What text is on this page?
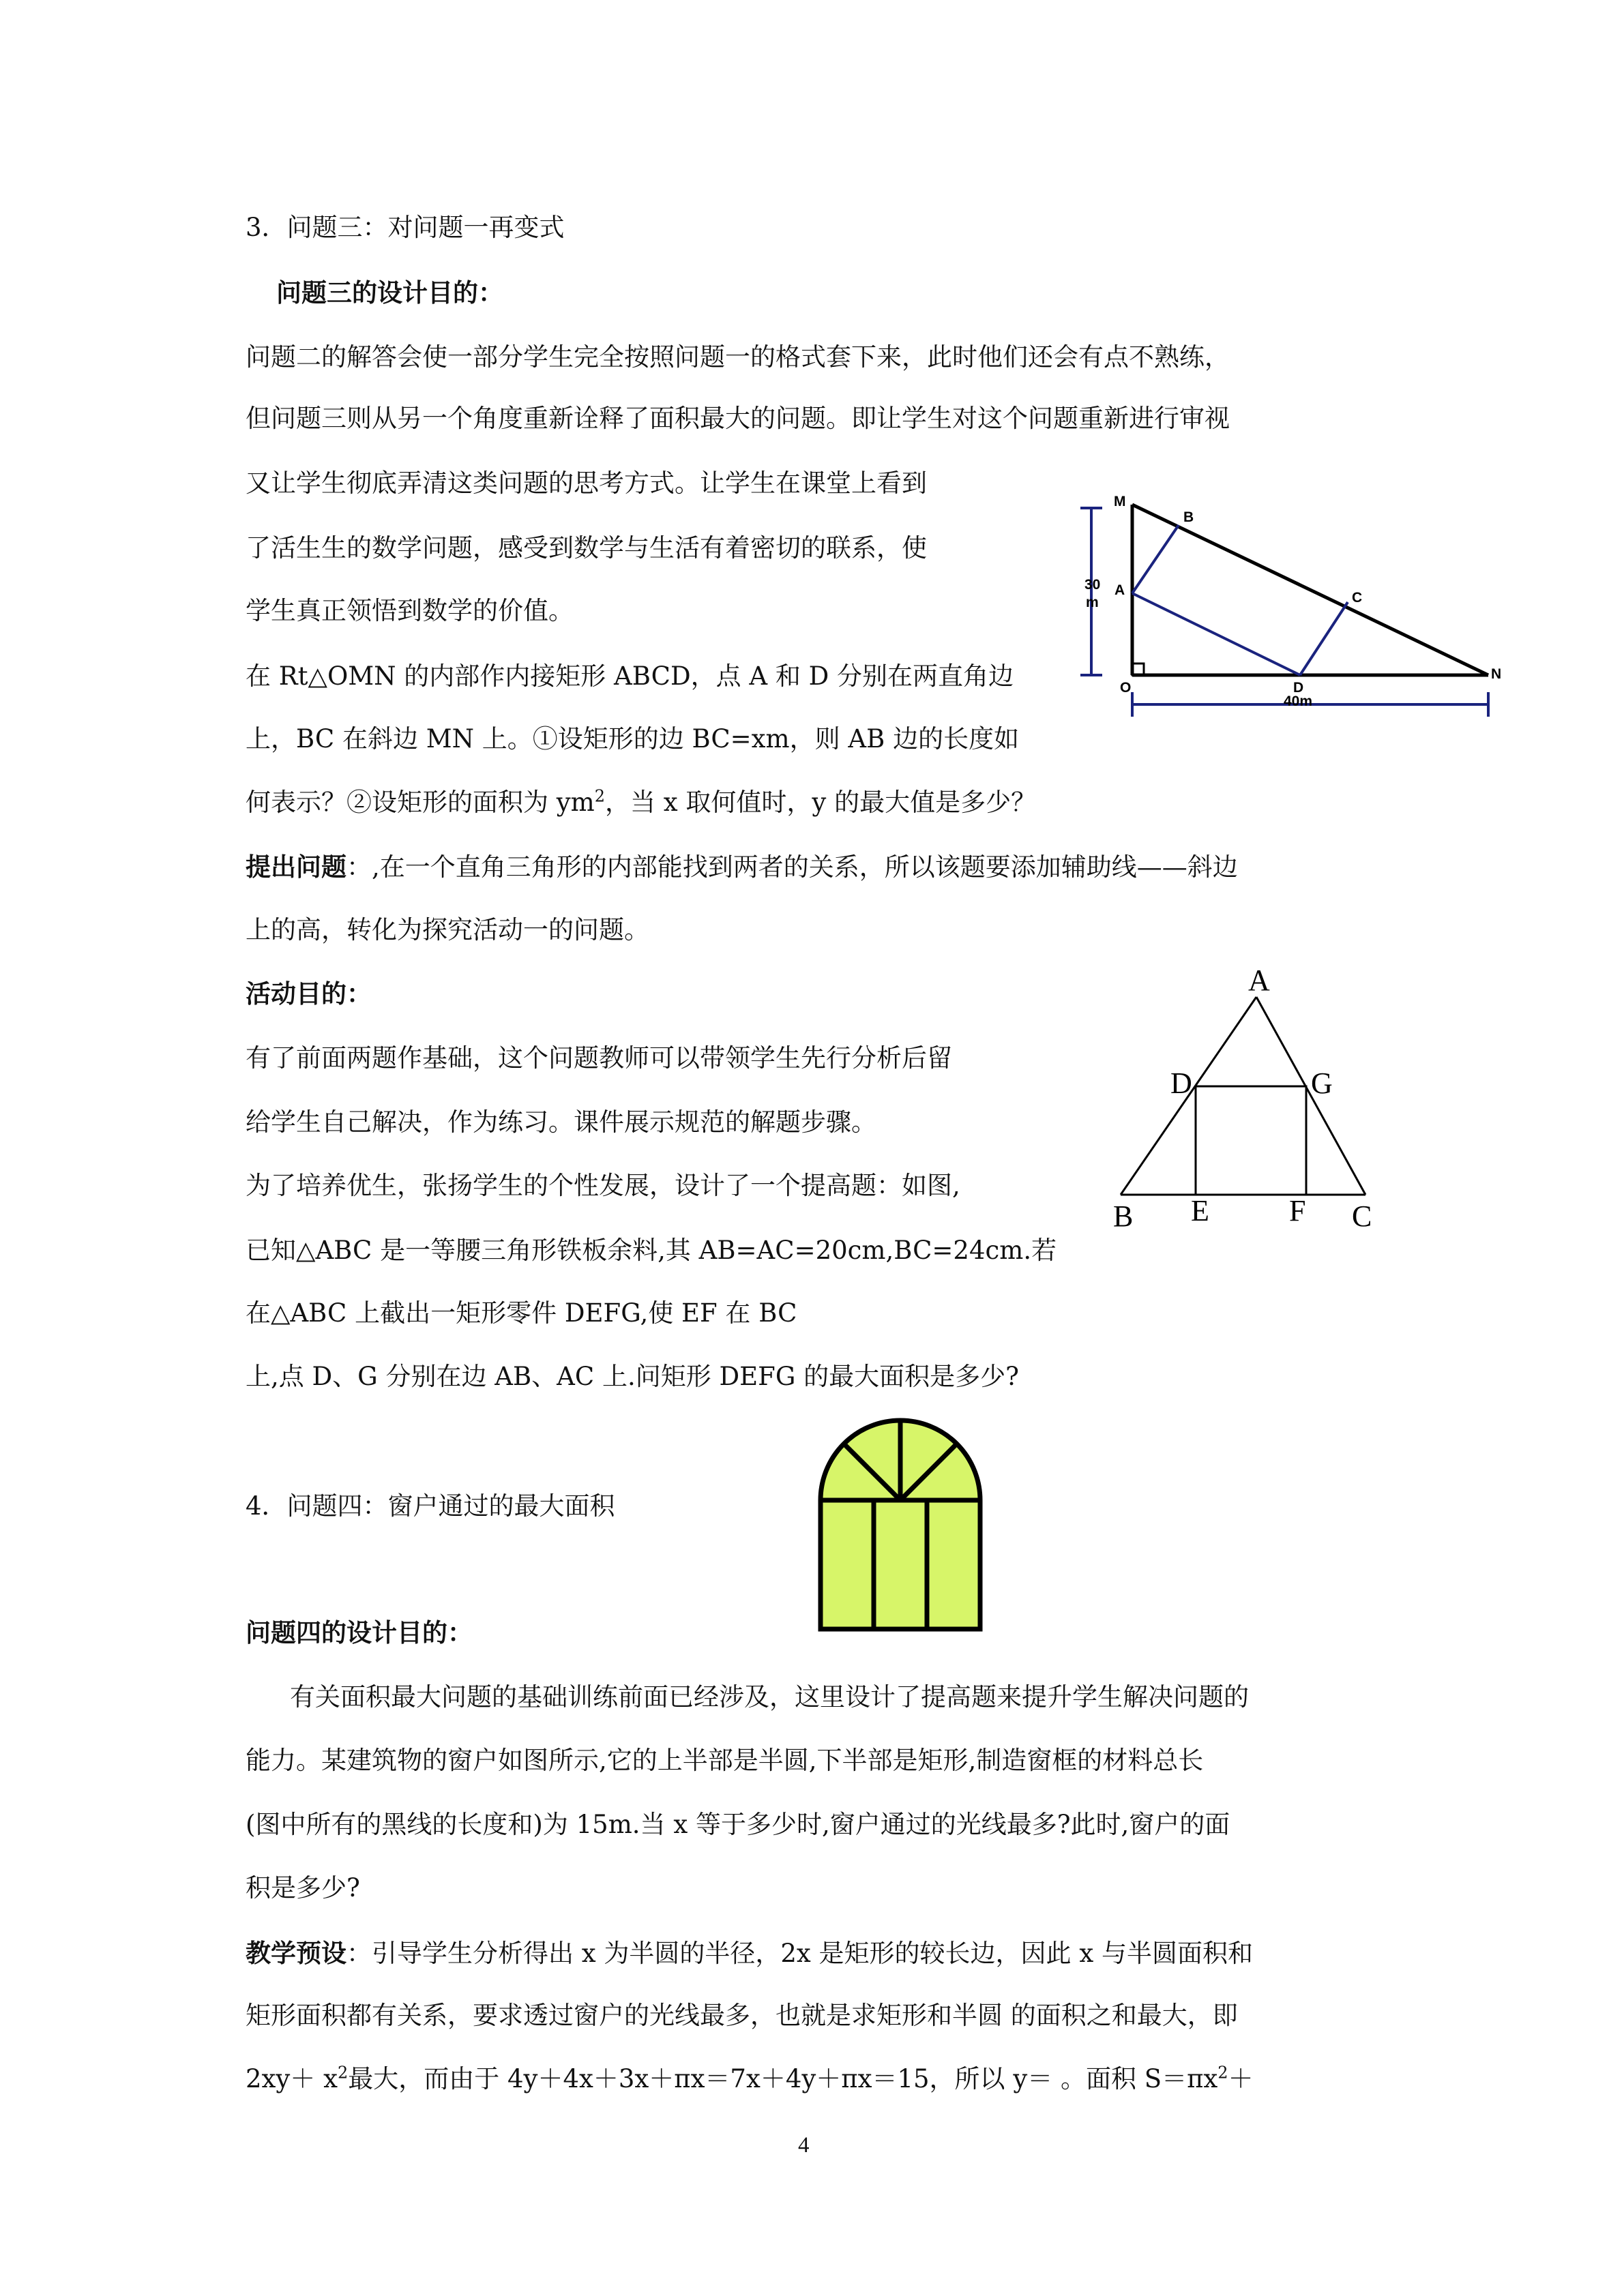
3．问题三：对问题一再变式
问题三的设计目的：
问题二的解答会使一部分学生完全按照问题一的格式套下来，此时他们还会有点不熟练，
但问题三则从另一个角度重新诠释了面积最大的问题。即让学生对这个问题重新进行审视
又让学生彻底弄清这类问题的思考方式。让学生在课堂上看到
了活生生的数学问题，感受到数学与生活有着密切的联系，使
学生真正领悟到数学的价值。
在 Rt△OMN 的内部作内接矩形 ABCD，点 A 和 D 分别在两直角边
上，BC 在斜边 MN 上。①设矩形的边 BC=xm，则 AB 边的长度如
何表示？②设矩形的面积为 $ym^2$，当 x 取何值时，y 的最大值是多少？
提出问题：,在一个直角三角形的内部能找到两者的关系，所以该题要添加辅助线——斜边
上的高，转化为探究活动一的问题。
活动目的：
有了前面两题作基础，这个问题教师可以带领学生先行分析后留
给学生自己解决，作为练习。课件展示规范的解题步骤。
为了培养优生，张扬学生的个性发展，设计了一个提高题：如图,
已知△ABC 是一等腰三角形铁板余料,其 AB=AC=20cm,BC=24cm.若
在△ABC 上截出一矩形零件 DEFG,使 EF 在 BC
上,点 D、G 分别在边 AB、AC 上.问矩形 DEFG 的最大面积是多少?
M
B
A	C
O	D
N
30
m
40m
A
D	G
B E	F C
4．问题四：窗户通过的最大面积
问题四的设计目的：
有关面积最大问题的基础训练前面已经涉及，这里设计了提高题来提升学生解决问题的
能力。某建筑物的窗户如图所示,它的上半部是半圆,下半部是矩形,制造窗框的材料总长
(图中所有的黑线的长度和)为 15m.当 x 等于多少时,窗户通过的光线最多?此时,窗户的面
积是多少?
教学预设：引导学生分析得出 x 为半圆的半径，2x 是矩形的较长边，因此 x 与半圆面积和
矩形面积都有关系，要求透过窗户的光线最多，也就是求矩形和半圆 的面积之和最大，即
$2xy+ x^2$最大，而由于 4y＋4x＋3x＋πx＝7x＋4y＋πx＝15，所以 y＝ 。面积 $S=\pi x^2+$
4
